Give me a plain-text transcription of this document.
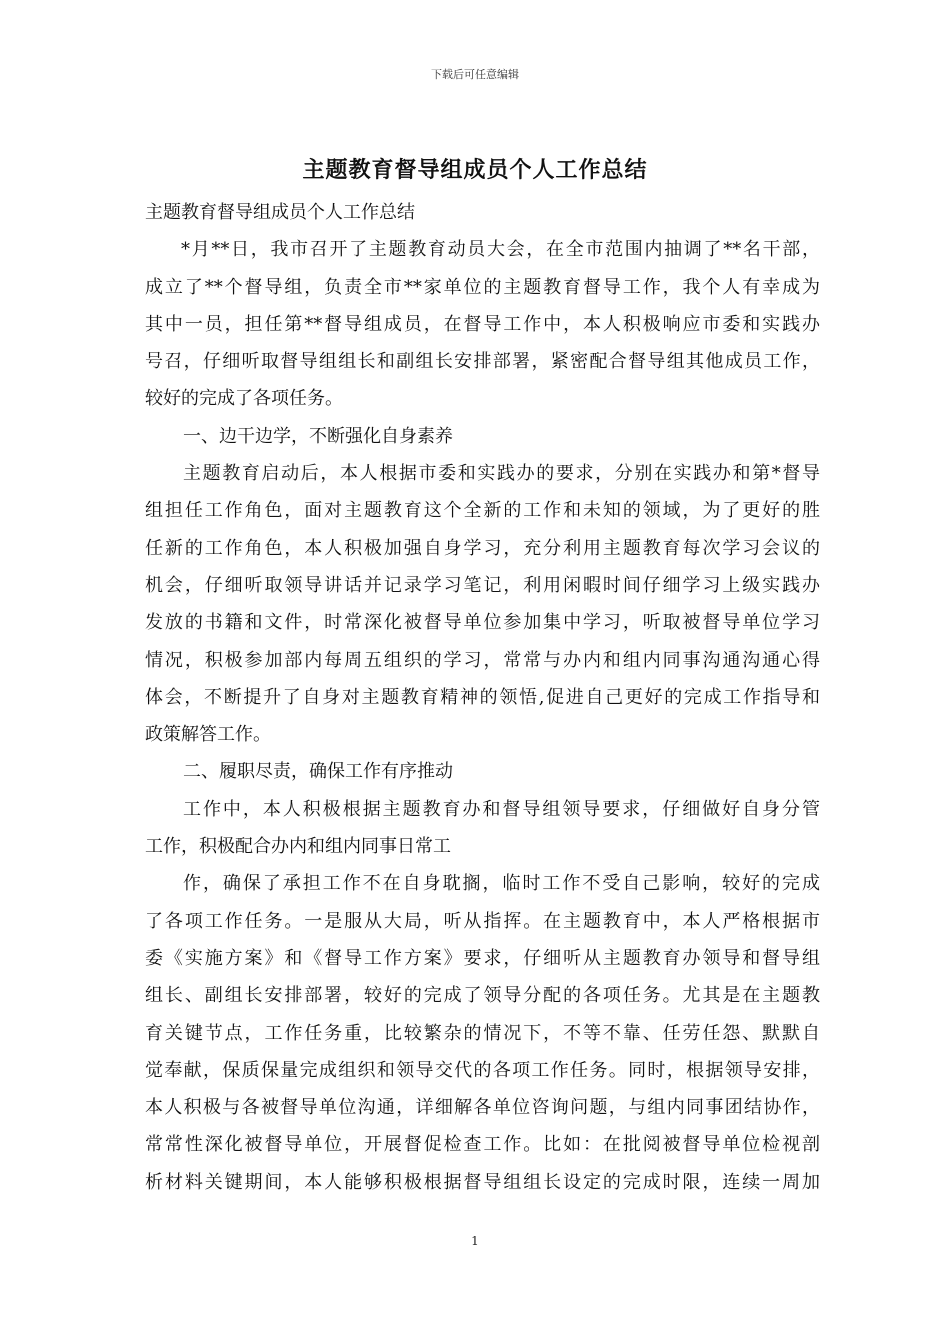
下载后可任意编辑
主题教育督导组成员个人工作总结
主题教育督导组成员个人工作总结
*月**日，我市召开了主题教育动员大会，在全市范围内抽调了**名干部，
成立了**个督导组，负责全市**家单位的主题教育督导工作，我个人有幸成为
其中一员，担任第**督导组成员，在督导工作中，本人积极响应市委和实践办
号召，仔细听取督导组组长和副组长安排部署，紧密配合督导组其他成员工作，
较好的完成了各项任务。
一、边干边学，不断强化自身素养
主题教育启动后，本人根据市委和实践办的要求，分别在实践办和第*督导
组担任工作角色，面对主题教育这个全新的工作和未知的领域，为了更好的胜
任新的工作角色，本人积极加强自身学习，充分利用主题教育每次学习会议的
机会，仔细听取领导讲话并记录学习笔记，利用闲暇时间仔细学习上级实践办
发放的书籍和文件，时常深化被督导单位参加集中学习，听取被督导单位学习
情况，积极参加部内每周五组织的学习，常常与办内和组内同事沟通沟通心得
体会，不断提升了自身对主题教育精神的领悟,促进自己更好的完成工作指导和
政策解答工作。
二、履职尽责，确保工作有序推动
工作中，本人积极根据主题教育办和督导组领导要求，仔细做好自身分管
工作，积极配合办内和组内同事日常工
作，确保了承担工作不在自身耽搁，临时工作不受自己影响，较好的完成
了各项工作任务。一是服从大局，听从指挥。在主题教育中，本人严格根据市
委《实施方案》和《督导工作方案》要求，仔细听从主题教育办领导和督导组
组长、副组长安排部署，较好的完成了领导分配的各项任务。尤其是在主题教
育关键节点，工作任务重，比较繁杂的情况下，不等不靠、任劳任怨、默默自
觉奉献，保质保量完成组织和领导交代的各项工作任务。同时，根据领导安排，
本人积极与各被督导单位沟通，详细解各单位咨询问题，与组内同事团结协作，
常常性深化被督导单位，开展督促检查工作。比如：在批阅被督导单位检视剖
析材料关键期间，本人能够积极根据督导组组长设定的完成时限，连续一周加
1
